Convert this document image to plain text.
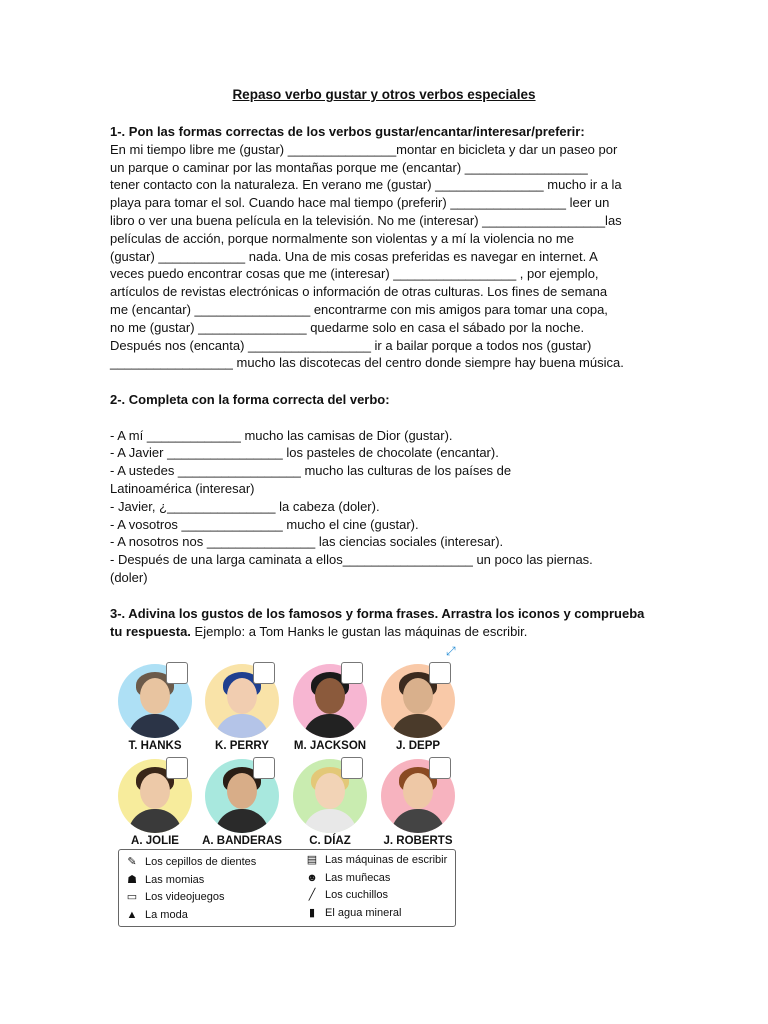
Repaso verbo gustar y otros verbos especiales
1-. Pon las formas correctas de los verbos gustar/encantar/interesar/preferir:
En mi tiempo libre me (gustar) _______________montar en bicicleta y dar un paseo por
un parque o caminar por las montañas porque me (encantar) _________________
tener contacto con la naturaleza. En verano me (gustar) _______________ mucho ir a la
playa para tomar el sol. Cuando hace mal tiempo (preferir) ________________ leer un
libro o ver una buena película en la televisión. No me (interesar) _________________las
películas de acción, porque normalmente son violentas y a mí la violencia no me
(gustar) ____________ nada. Una de mis cosas preferidas es navegar en internet. A
veces puedo encontrar cosas que me (interesar) _________________ , por ejemplo,
artículos de revistas electrónicas o información de otras culturas. Los fines de semana
me (encantar) ________________ encontrarme con mis amigos para tomar una copa,
no me (gustar) _______________ quedarme solo en casa el sábado por la noche.
Después nos (encanta) _________________ ir a bailar porque a todos nos (gustar)
_________________ mucho las discotecas del centro donde siempre hay buena música.
2-. Completa con la forma correcta del verbo:
- A mí _____________ mucho las camisas de Dior (gustar).
- A Javier ________________ los pasteles de chocolate (encantar).
- A ustedes _________________ mucho las culturas de los países de
Latinoamérica (interesar)
- Javier, ¿_______________ la cabeza (doler).
- A vosotros ______________ mucho el cine (gustar).
- A nosotros nos _______________ las ciencias sociales (interesar).
- Después de una larga caminata a ellos__________________ un poco las piernas.
(doler)
3-. Adivina los gustos de los famosos y forma frases. Arrastra los iconos y comprueba
tu respuesta. Ejemplo: a Tom Hanks le gustan las máquinas de escribir.
⤢
✎ Los cepillos de dientes
☗ Las momias
▭ Los videojuegos
▲ La moda
▤ Las máquinas de escribir
☻ Las muñecas
╱ Los cuchillos
▮ El agua mineral
T. HANKS	K. PERRY	M. JACKSON	J. DEPP
A. JOLIE	A. BANDERAS	C. DÍAZ	J. ROBERTS
